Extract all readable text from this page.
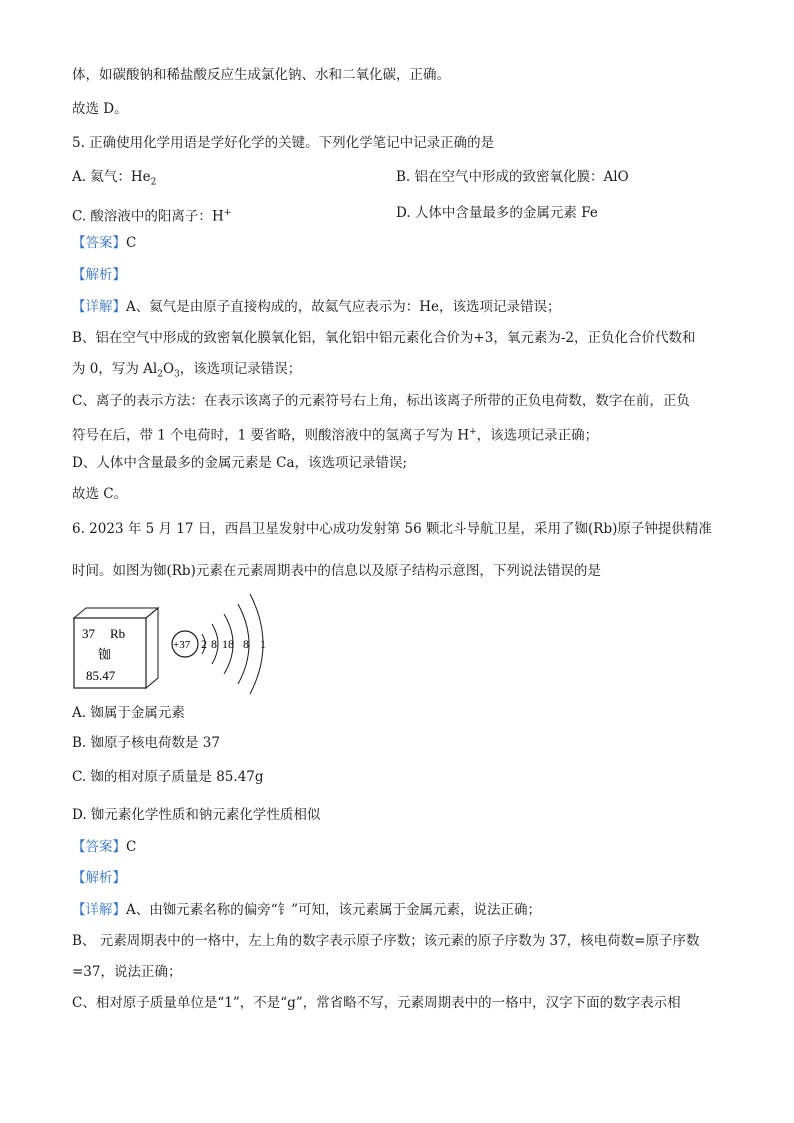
体，如碳酸钠和稀盐酸反应生成氯化钠、水和二氧化碳，正确。
故选 D。
5. 正确使用化学用语是学好化学的关键。下列化学笔记中记录正确的是
A. 氦气：$He_2$	B. 铝在空气中形成的致密氧化膜：AlO
C. 酸溶液中的阳离子：H+	D. 人体中含量最多的金属元素 Fe
【答案】C
【解析】
【详解】A、氦气是由原子直接构成的，故氦气应表示为：He，该选项记录错误；
B、铝在空气中形成的致密氧化膜氧化铝，氧化铝中铝元素化合价为+3，氧元素为-2，正负化合价代数和
为 0，写为 $Al_2O_3$，该选项记录错误；
C、离子的表示方法：在表示该离子的元素符号右上角，标出该离子所带的正负电荷数，数字在前，正负
符号在后，带 1 个电荷时，1 要省略，则酸溶液中的氢离子写为 H+，该选项记录正确；
D、人体中含量最多的金属元素是 Ca，该选项记录错误;
故选 C。
6. 2023 年 5 月 17 日，西昌卫星发射中心成功发射第 56 颗北斗导航卫星，采用了铷(Rb)原子钟提供精准
时间。如图为铷(Rb)元素在元素周期表中的信息以及原子结构示意图，下列说法错误的是
37 Rb
铷
85.47
+37 2 8 18 8 1
A. 铷属于金属元素
B. 铷原子核电荷数是 37
C. 铷的相对原子质量是 85.47g
D. 铷元素化学性质和钠元素化学性质相似
【答案】C
【解析】
【详解】A、由铷元素名称的偏旁“钅”可知，该元素属于金属元素，说法正确；
B、 元素周期表中的一格中，左上角的数字表示原子序数；该元素的原子序数为 37，核电荷数=原子序数
=37，说法正确；
C、相对原子质量单位是“1”，不是“g”，常省略不写，元素周期表中的一格中，汉字下面的数字表示相
